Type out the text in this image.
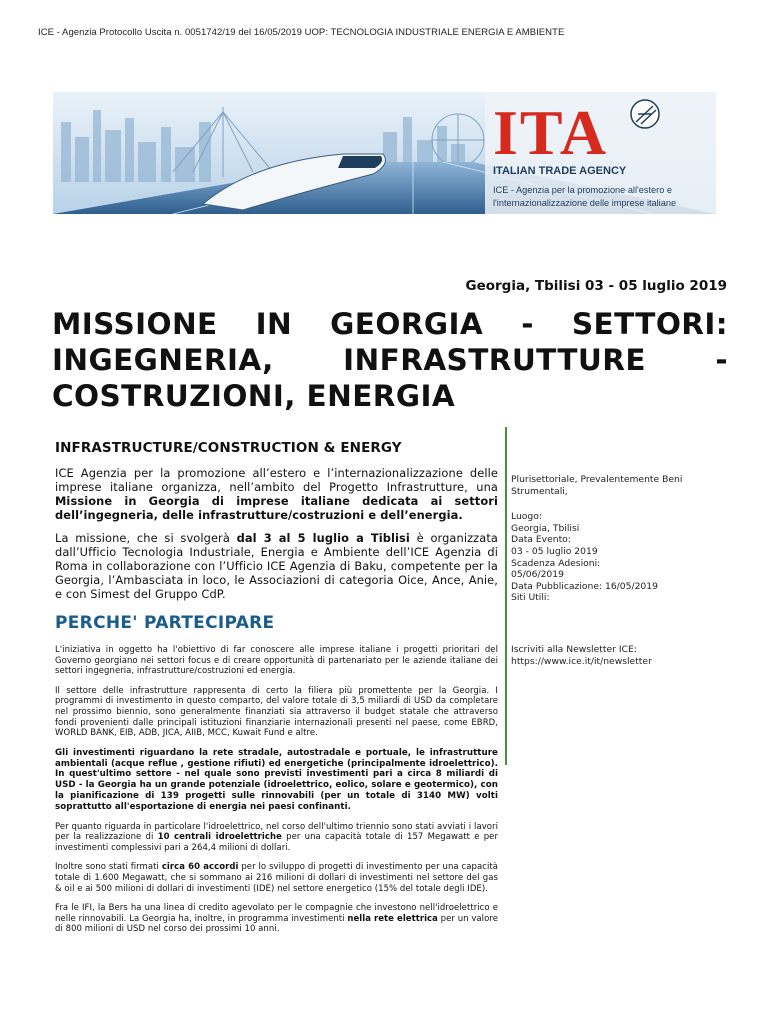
ICE - Agenzia Protocollo Uscita n. 0051742/19 del 16/05/2019 UOP: TECNOLOGIA INDUSTRIALE ENERGIA E AMBIENTE
ITA
ITALIAN TRADE AGENCY
ICE - Agenzia per la promozione all'estero e
l'internazionalizzazione delle imprese italiane
Georgia, Tbilisi 03 - 05 luglio 2019
MISSIONE IN GEORGIA - SETTORI: INGEGNERIA, INFRASTRUTTURE - COSTRUZIONI, ENERGIA
INFRASTRUCTURE/CONSTRUCTION & ENERGY

ICE Agenzia per la promozione all’estero e l’internazionalizzazione delle imprese italiane organizza, nell’ambito del Progetto Infrastrutture, una Missione in Georgia di imprese italiane dedicata ai settori dell’ingegneria, delle infrastrutture/costruzioni e dell’energia.

La missione, che si svolgerà dal 3 al 5 luglio a Tiblisi è organizzata dall’Ufficio Tecnologia Industriale, Energia e Ambiente dell’ICE Agenzia di Roma in collaborazione con l’Ufficio ICE Agenzia di Baku, competente per la Georgia, l’Ambasciata in loco, le Associazioni di categoria Oice, Ance, Anie, e con Simest del Gruppo CdP.

PERCHE' PARTECIPARE

L'iniziativa in oggetto ha l'obiettivo di far conoscere alle imprese italiane i progetti prioritari del Governo georgiano nei settori focus e di creare opportunità di partenariato per le aziende italiane dei settori ingegneria, infrastrutture/costruzioni ed energia.

Il settore delle infrastrutture rappresenta di certo la filiera più promettente per la Georgia. I programmi di investimento in questo comparto, del valore totale di 3,5 miliardi di USD da completare nel prossimo biennio, sono generalmente finanziati sia attraverso il budget statale che attraverso fondi provenienti dalle principali istituzioni finanziarie internazionali presenti nel paese, come EBRD, WORLD BANK, EIB, ADB, JICA, AIIB, MCC, Kuwait Fund e altre.

Gli investimenti riguardano la rete stradale, autostradale e portuale, le infrastrutture ambientali (acque reflue , gestione rifiuti) ed energetiche (principalmente idroelettrico). In quest'ultimo settore - nel quale sono previsti investimenti pari a circa 8 miliardi di USD - la Georgia ha un grande potenziale (idroelettrico, eolico, solare e geotermico), con la pianificazione di 139 progetti sulle rinnovabili (per un totale di 3140 MW) volti soprattutto all'esportazione di energia nei paesi confinanti.

Per quanto riguarda in particolare l'idroelettrico, nel corso dell'ultimo triennio sono stati avviati i lavori per la realizzazione di 10 centrali idroelettriche per una capacità totale di 157 Megawatt e per investimenti complessivi pari a 264,4 milioni di dollari.

Inoltre sono stati firmati circa 60 accordi per lo sviluppo di progetti di investimento per una capacità totale di 1.600 Megawatt, che si sommano ai 216 milioni di dollari di investimenti nel settore del gas & oil e ai 500 milioni di dollari di investimenti (IDE) nel settore energetico (15% del totale degli IDE).

Fra le IFI, la Bers ha una linea di credito agevolato per le compagnie che investono nell'idroelettrico e nelle rinnovabili. La Georgia ha, inoltre, in programma investimenti nella rete elettrica per un valore di 800 milioni di USD nel corso dei prossimi 10 anni.

Plurisettoriale, Prevalentemente Beni Strumentali,

Luogo:

Georgia, Tbilisi

Data Evento:

03 - 05 luglio 2019

Scadenza Adesioni:

05/06/2019

Data Pubblicazione: 16/05/2019

Siti Utili:

Iscriviti alla Newsletter ICE:

https://www.ice.it/it/newsletter
